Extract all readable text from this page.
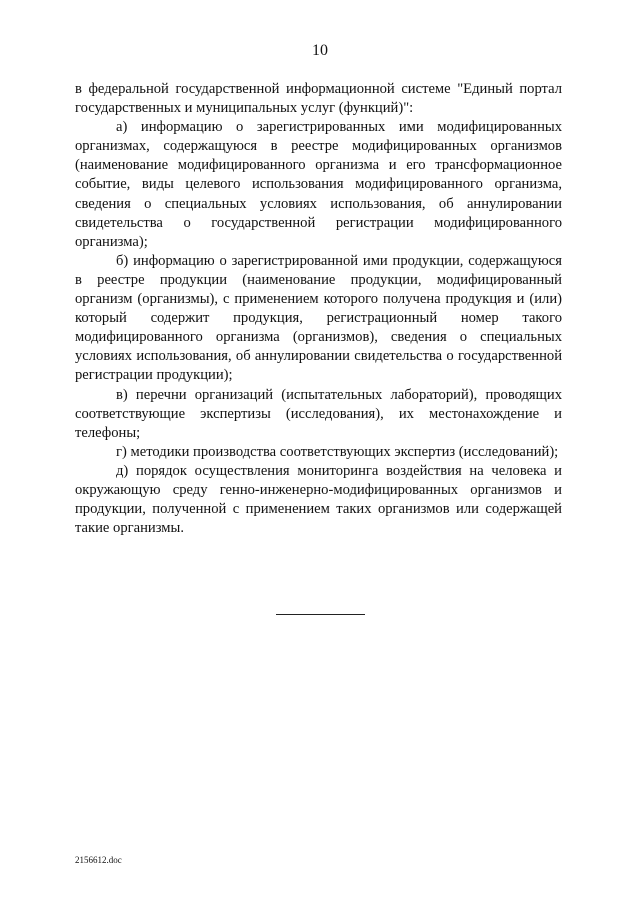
10

в федеральной государственной информационной системе "Единый портал государственных и муниципальных услуг (функций)":

а) информацию о зарегистрированных ими модифицированных организмах, содержащуюся в реестре модифицированных организмов (наименование модифицированного организма и его трансформационное событие, виды целевого использования модифицированного организма, сведения о специальных условиях использования, об аннулировании свидетельства о государственной регистрации модифицированного организма);

б) информацию о зарегистрированной ими продукции, содержащуюся в реестре продукции (наименование продукции, модифицированный организм (организмы), с применением которого получена продукция и (или) который содержит продукция, регистрационный номер такого модифицированного организма (организмов), сведения о специальных условиях использования, об аннулировании свидетельства о государственной регистрации продукции);

в) перечни организаций (испытательных лабораторий), проводящих соответствующие экспертизы (исследования), их местонахождение и телефоны;

г) методики производства соответствующих экспертиз (исследований);

д) порядок осуществления мониторинга воздействия на человека и окружающую среду генно-инженерно-модифицированных организмов и продукции, полученной с применением таких организмов или содержащей такие организмы.

2156612.doc
